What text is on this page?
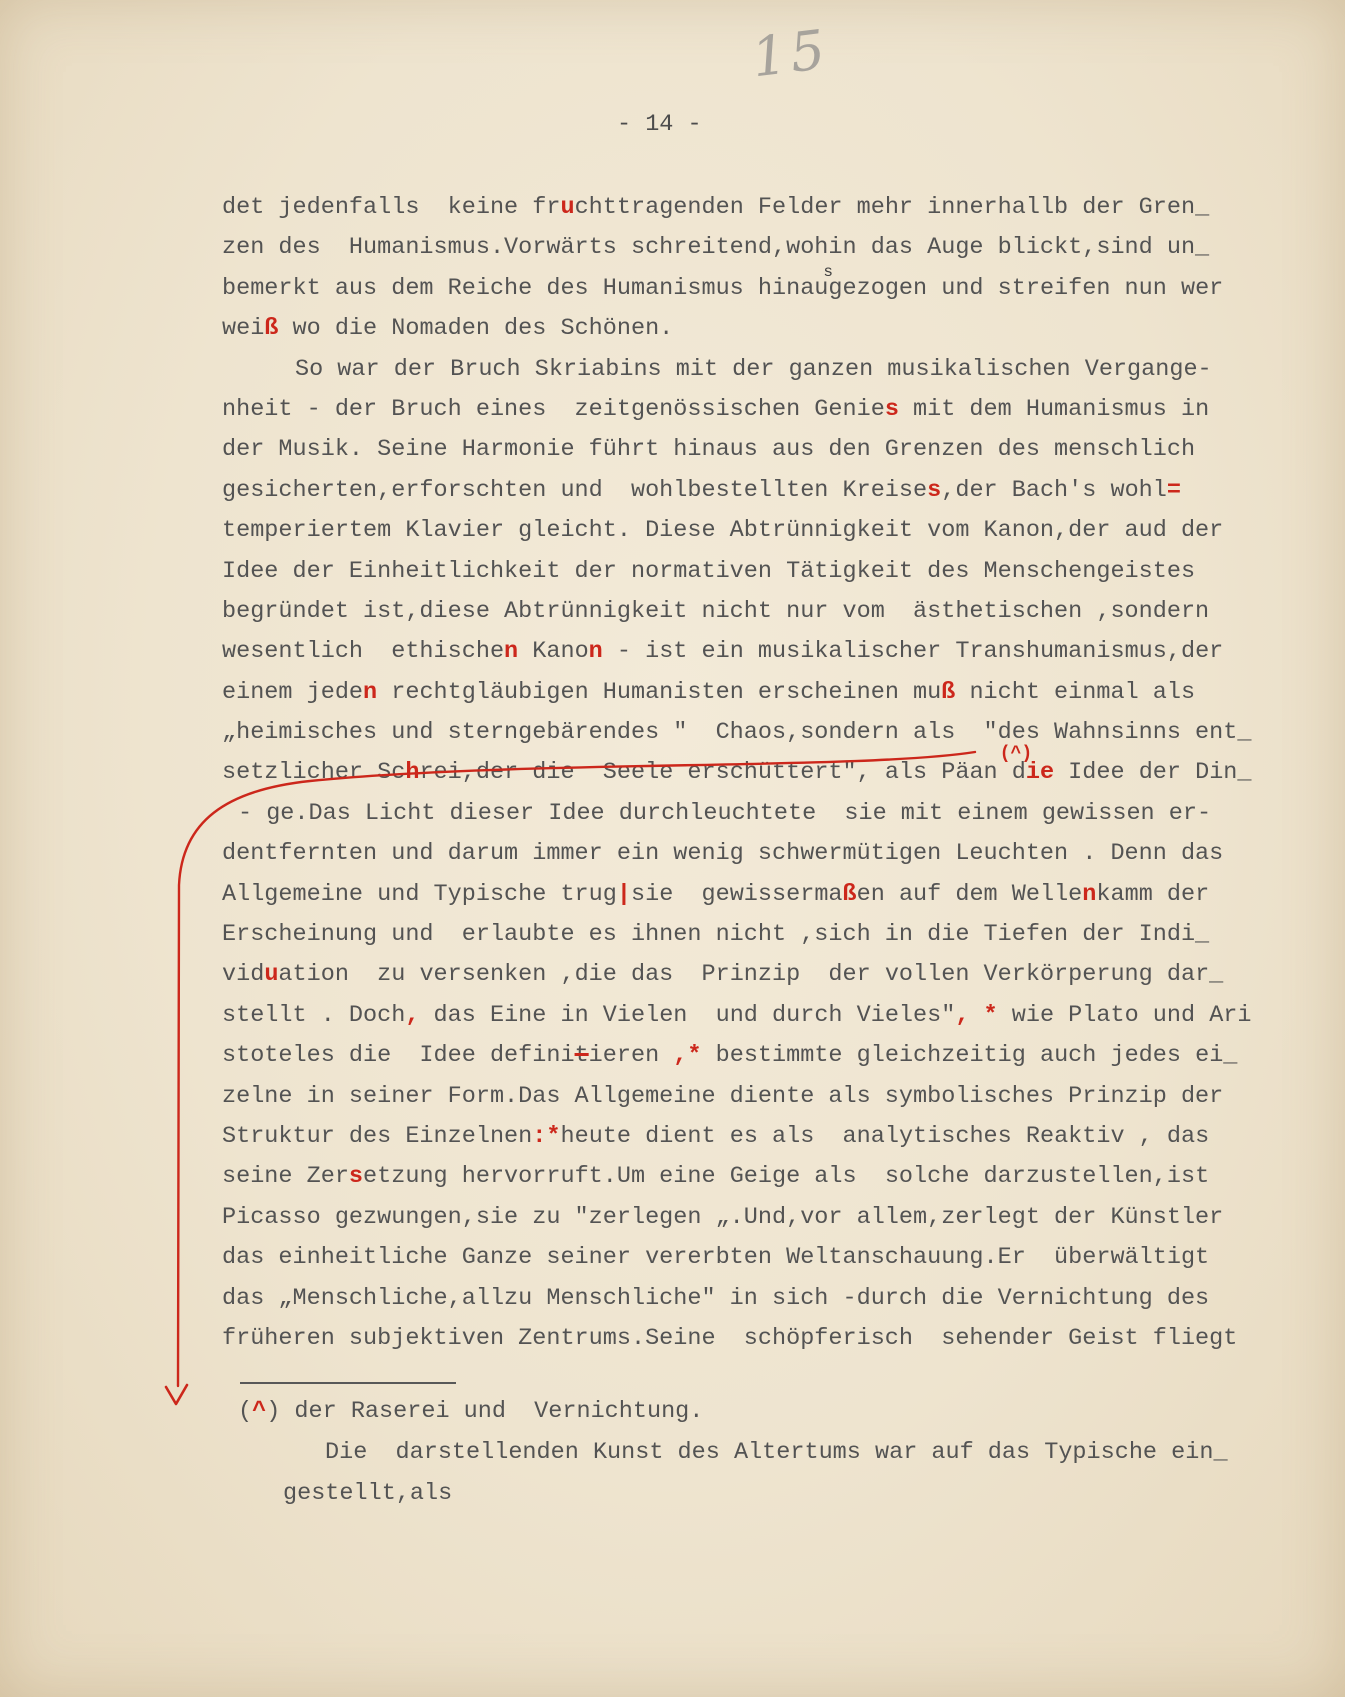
15
- 14 -
det jedenfalls  keine fruchttragenden Felder mehr innerhallb der Gren_
zen des  Humanismus.Vorwärts schreitend,wohin das Auge blickt,sind un_
bemerkt aus dem Reiche des Humanismus hinausgezogen und streifen nun wer
weiß wo die Nomaden des Schönen.
So war der Bruch Skriabins mit der ganzen musikalischen Vergange-
nheit - der Bruch eines  zeitgenössischen Genies mit dem Humanismus in
der Musik. Seine Harmonie führt hinaus aus den Grenzen des menschlich
gesicherten,erforschten und  wohlbestellten Kreises,der Bach's wohl=
temperiertem Klavier gleicht. Diese Abtrünnigkeit vom Kanon,der aud der
Idee der Einheitlichkeit der normativen Tätigkeit des Menschengeistes
begründet ist,diese Abtrünnigkeit nicht nur vom  ästhetischen ,sondern
wesentlich  ethischen Kanon - ist ein musikalischer Transhumanismus,der
einem jeden rechtgläubigen Humanisten erscheinen muß nicht einmal als
„heimisches und sterngebärendes "  Chaos,sondern als  "des Wahnsinns ent_
setzlicher Schrei,der die  Seele erschüttert", als Päan (^)die Idee der Din_
- ge.Das Licht dieser Idee durchleuchtete  sie mit einem gewissen er-
dentfernten und darum immer ein wenig schwermütigen Leuchten . Denn das
Allgemeine und Typische trug|sie  gewissermaßen auf dem Wellenkamm der
Erscheinung und  erlaubte es ihnen nicht ,sich in die Tiefen der Indi_
viduation  zu versenken ,die das  Prinzip  der vollen Verkörperung dar_
stellt . Doch, das Eine in Vielen  und durch Vieles", * wie Plato und Ari
stoteles die  Idee definitieren ,* bestimmte gleichzeitig auch jedes ei_
zelne in seiner Form.Das Allgemeine diente als symbolisches Prinzip der
Struktur des Einzelnen:*heute dient es als  analytisches Reaktiv , das
seine Zersetzung hervorruft.Um eine Geige als  solche darzustellen,ist
Picasso gezwungen,sie zu "zerlegen „.Und,vor allem,zerlegt der Künstler
das einheitliche Ganze seiner vererbten Weltanschauung.Er  überwältigt
das „Menschliche,allzu Menschliche" in sich -durch die Vernichtung des
früheren subjektiven Zentrums.Seine  schöpferisch  sehender Geist fliegt
(^) der Raserei und  Vernichtung.
Die  darstellenden Kunst des Altertums war auf das Typische ein_
gestellt,als
